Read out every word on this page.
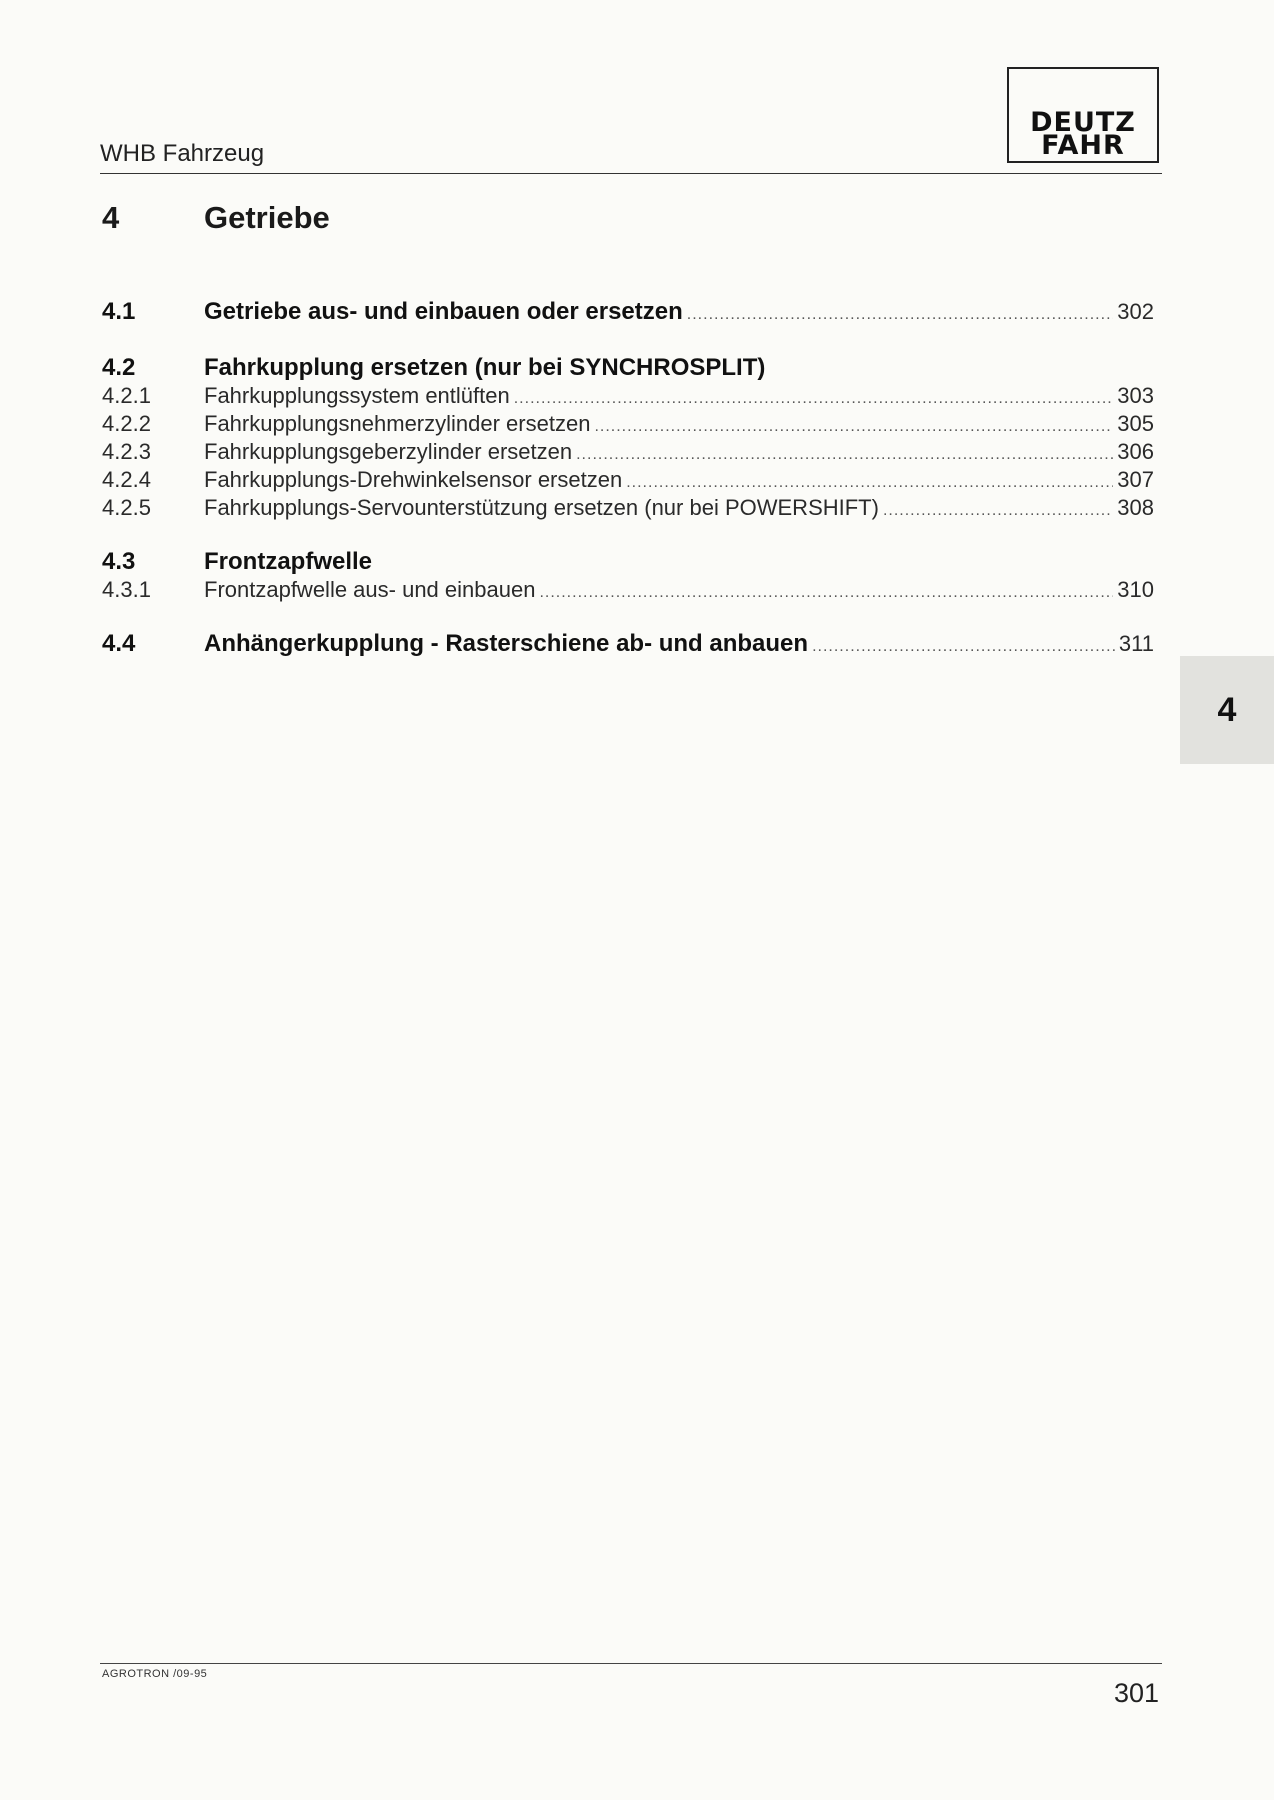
WHB Fahrzeug
DEUTZ
FAHR
4	Getriebe
4.1	Getriebe aus- und einbauen oder ersetzen .....	302
4.2	Fahrkupplung ersetzen (nur bei SYNCHROSPLIT)
4.2.1 Fahrkupplungssystem entlüften .....	303
4.2.2 Fahrkupplungsnehmerzylinder ersetzen .....	305
4.2.3 Fahrkupplungsgeberzylinder ersetzen .....	306
4.2.4 Fahrkupplungs-Drehwinkelsensor ersetzen .....	307
4.2.5 Fahrkupplungs-Servounterstützung ersetzen (nur bei POWERSHIFT) .....	308
4.3	Frontzapfwelle
4.3.1 Frontzapfwelle aus- und einbauen .....	310
4.4	Anhängerkupplung - Rasterschiene ab- und anbauen .....	311
4
AGROTRON /09-95
301
